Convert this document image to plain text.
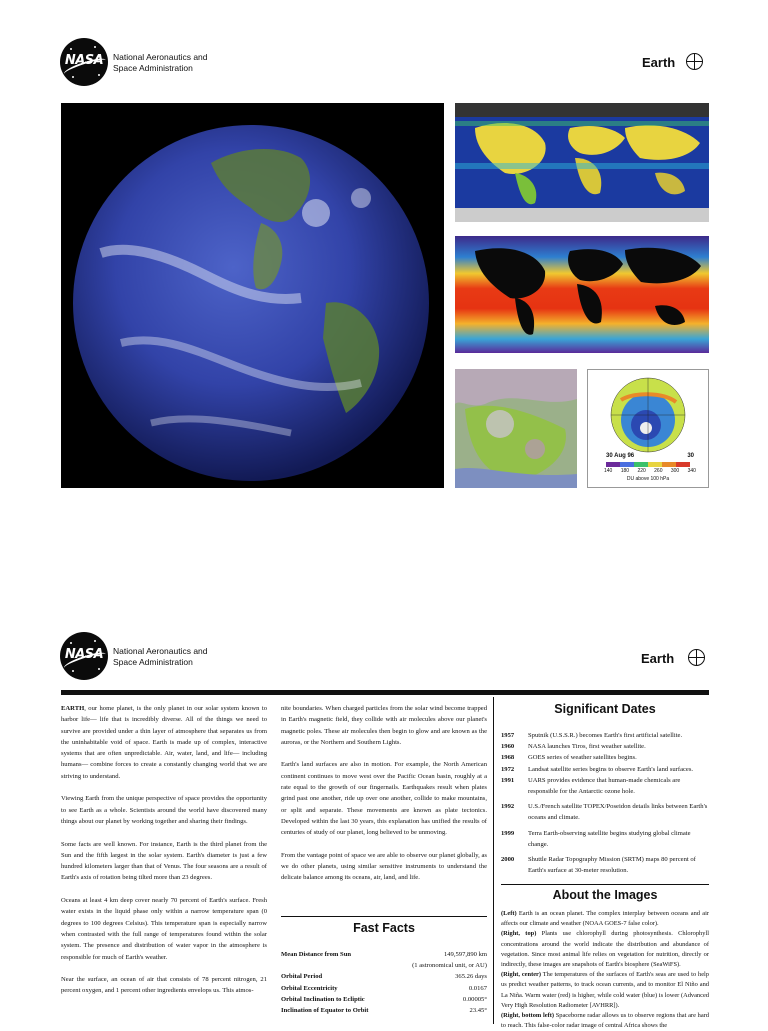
NASA	National Aeronautics and
Space Administration	Earth
30 Aug 96	30
140 180 220 260 300 340
DU above 100 hPa
NASA	National Aeronautics and
Space Administration	Earth

EARTH, our home planet, is the only planet in our solar system known to harbor life— life that is incredibly diverse. All of the things we need to survive are provided under a thin layer of atmosphere that separates us from the uninhabitable void of space. Earth is made up of complex, interactive systems that are often unpredictable. Air, water, land, and life— including humans— combine forces to create a constantly changing world that we are striving to understand.

Viewing Earth from the unique perspective of space provides the opportunity to see Earth as a whole. Scientists around the world have discovered many things about our planet by working together and sharing their findings.

Some facts are well known. For instance, Earth is the third planet from the Sun and the fifth largest in the solar system. Earth's diameter is just a few hundred kilometers larger than that of Venus. The four seasons are a result of Earth's axis of rotation being tilted more than 23 degrees.

Oceans at least 4 km deep cover nearly 70 percent of Earth's surface. Fresh water exists in the liquid phase only within a narrow temperature span (0 degrees to 100 degrees Celsius). This temperature span is especially narrow when contrasted with the full range of temperatures found within the solar system. The presence and distribution of water vapor in the atmosphere is responsible for much of Earth's weather.

Near the surface, an ocean of air that consists of 78 percent nitrogen, 21 percent oxygen, and 1 percent other ingredients envelops us. This atmos-

nite boundaries. When charged particles from the solar wind become trapped in Earth's magnetic field, they collide with air molecules above our planet's magnetic poles. These air molecules then begin to glow and are known as the auroras, or the Northern and Southern Lights.

Earth's land surfaces are also in motion. For example, the North American continent continues to move west over the Pacific Ocean basin, roughly at a rate equal to the growth of our fingernails. Earthquakes result when plates grind past one another, ride up over one another, collide to make mountains, or split and separate. These movements are known as plate tectonics. Developed within the last 30 years, this explanation has unified the results of centuries of study of our planet, long believed to be unmoving.

From the vantage point of space we are able to observe our planet globally, as we do other planets, using similar sensitive instruments to understand the delicate balance among its oceans, air, land, and life.

Fast Facts
Mean Distance from Sun	149,597,890 km
(1 astronomical unit, or AU)
Orbital Period	365.26 days
Orbital Eccentricity	0.0167
Orbital Inclination to Ecliptic	0.00005°
Inclination of Equator to Orbit	23.45°
Significant Dates
1957	Sputnik (U.S.S.R.) becomes Earth's first artificial satellite.
1960	NASA launches Tiros, first weather satellite.
1968	GOES series of weather satellites begins.
1972	Landsat satellite series begins to observe Earth's land surfaces.
1991	UARS provides evidence that human-made chemicals are responsible for the Antarctic ozone hole.
1992	U.S./French satellite TOPEX/Poseidon details links between Earth's oceans and climate.
1999	Terra Earth-observing satellite begins studying global climate change.
2000	Shuttle Radar Topography Mission (SRTM) maps 80 percent of Earth's surface at 30-meter resolution.
About the Images
(Left) Earth is an ocean planet. The complex interplay between oceans and air affects our climate and weather (NOAA GOES-7 false color).
(Right, top) Plants use chlorophyll during photosynthesis. Chlorophyll concentrations around the world indicate the distribution and abundance of vegetation. Since most animal life relies on vegetation for nutrition, directly or indirectly, these images are snapshots of Earth's biosphere (SeaWiFS).
(Right, center) The temperatures of the surfaces of Earth's seas are used to help us predict weather patterns, to track ocean currents, and to monitor El Niño and La Niña. Warm water (red) is higher, while cold water (blue) is lower (Advanced Very High Resolution Radiometer [AVHRR]).
(Right, bottom left) Spaceborne radar allows us to observe regions that are hard to reach. This false-color radar image of central Africa shows the
